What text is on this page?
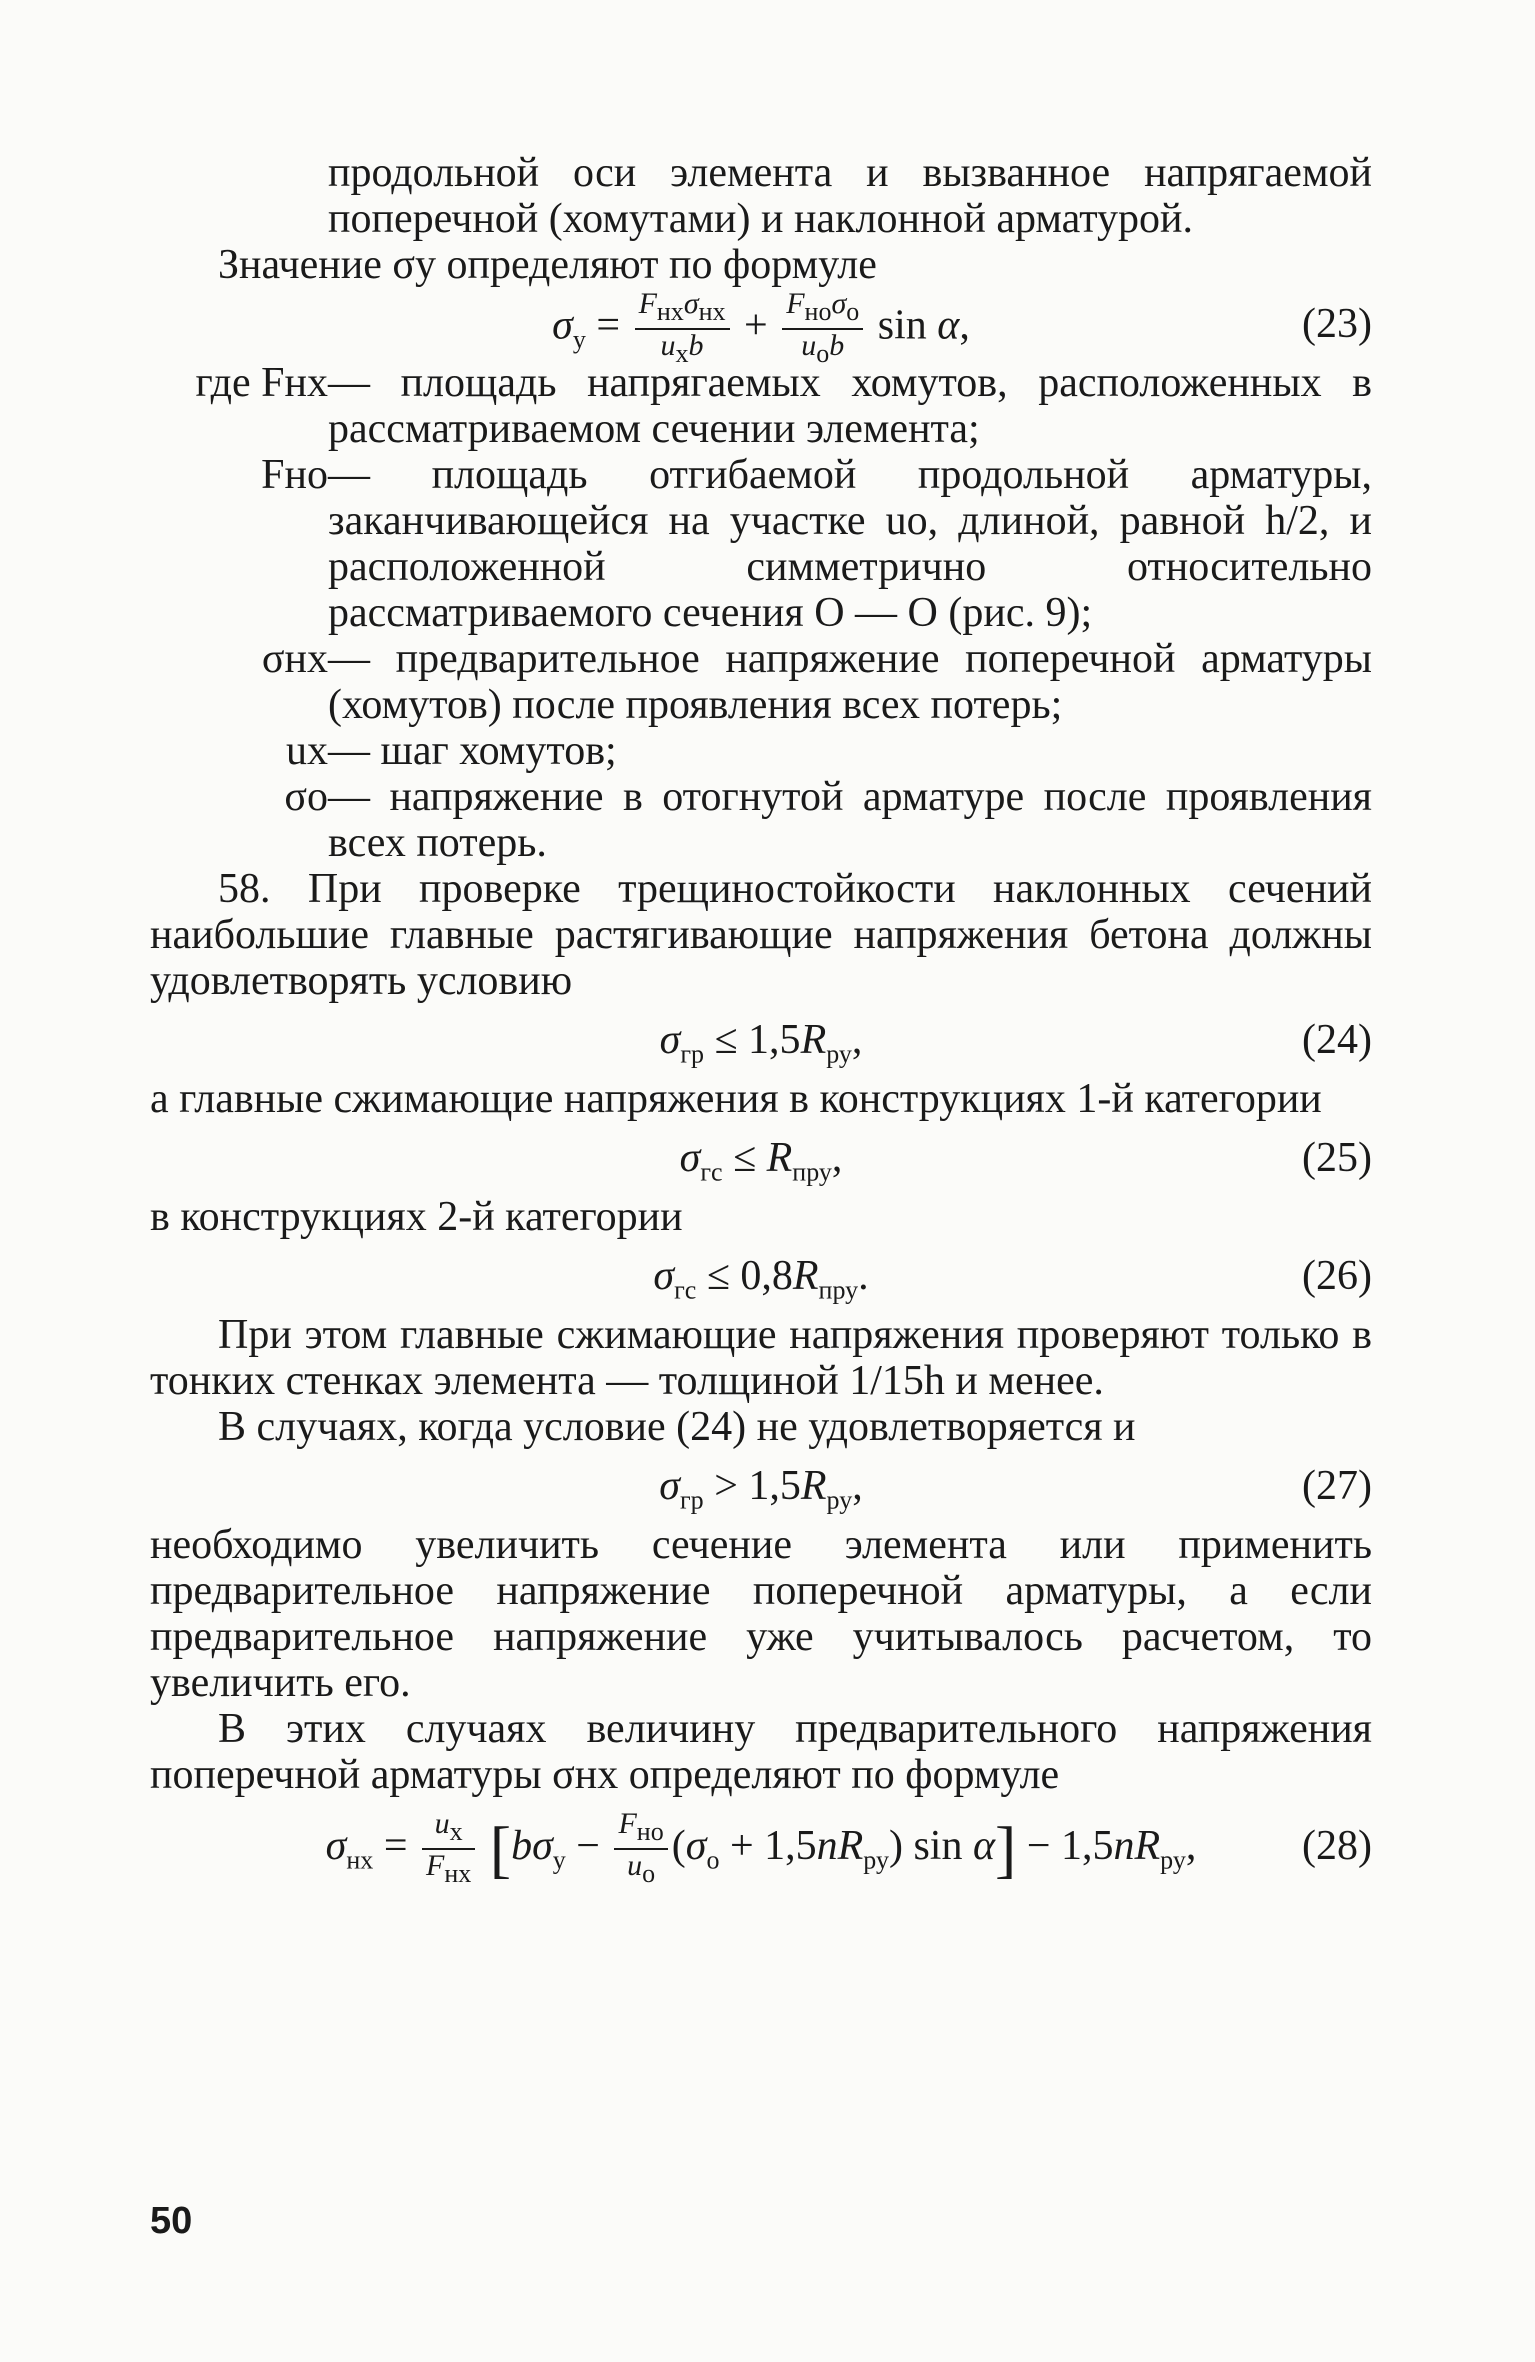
продольной оси элемента и вызванное напрягаемой поперечной (хомутами) и наклонной арматурой.

Значение σу определяют по формуле

$\sigma_у = \frac{F_{нх}\sigma_{нх}}{u_хb} + \frac{F_{но}\sigma_о}{u_оb}$ sin α,	(23)
где Fнх — площадь напрягаемых хомутов, расположенных в рассматриваемом сечении элемента;
Fно — площадь отгибаемой продольной арматуры, заканчивающейся на участке uо, длиной, равной h/2, и расположенной симметрично относительно рассматриваемого сечения О — О (рис. 9);
σнх — предварительное напряжение поперечной арматуры (хомутов) после проявления всех потерь;
uх — шаг хомутов;
σо — напряжение в отогнутой арматуре после проявления всех потерь.

58. При проверке трещиностойкости наклонных сечений наибольшие главные растягивающие напряжения бетона должны удовлетворять условию

$\sigma_{гр} \le 1,5R_{ру}$,	(24)

а главные сжимающие напряжения в конструкциях 1-й категории

$\sigma_{гс} \le R_{пру}$,	(25)

в конструкциях 2-й категории

$\sigma_{гс} \le 0,8R_{пру}$.	(26)

При этом главные сжимающие напряжения проверяют только в тонких стенках элемента — толщиной 1/15h и менее.

В случаях, когда условие (24) не удовлетворяется и

$\sigma_{гр} > 1,5R_{ру}$,	(27)

необходимо увеличить сечение элемента или применить предварительное напряжение поперечной арматуры, а если предварительное напряжение уже учитывалось расчетом, то увеличить его.

В этих случаях величину предварительного напряжения поперечной арматуры σнх определяют по формуле

$\sigma_{нх} = \frac{u_х}{F_{нх}} [b\sigma_у - \frac{F_{но}}{u_о} (\sigma_о + 1,5nR_{ру})$ $\sin \alpha] - 1,5nR_{ру}$,	(28)
50
